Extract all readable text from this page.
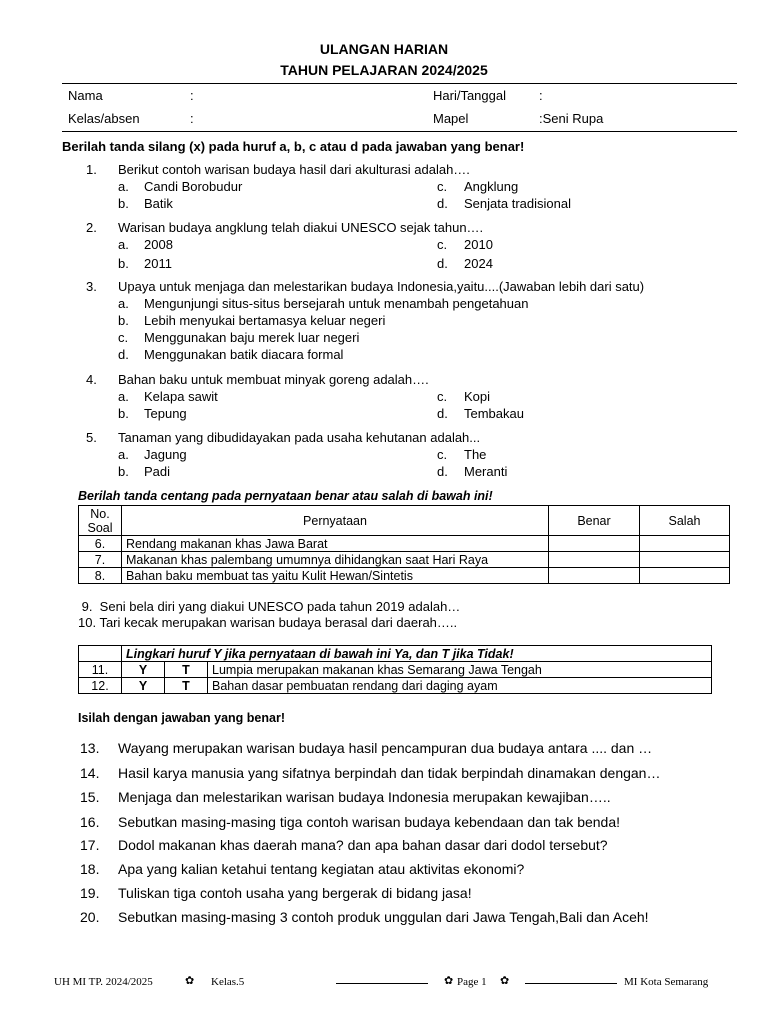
ULANGAN HARIAN
TAHUN PELAJARAN 2024/2025
Nama	:	Hari/Tanggal	:
Kelas/absen	:	Mapel	:Seni Rupa
Berilah tanda silang (x) pada huruf a, b, c atau d pada jawaban yang benar!
1. Berikut contoh warisan budaya hasil dari akulturasi adalah….
a. Candi Borobudur
b. Batik
c. Angklung
d. Senjata tradisional
2. Warisan budaya angklung telah diakui UNESCO sejak tahun….
a. 2008
b. 2011
c. 2010
d. 2024
3. Upaya untuk menjaga dan melestarikan budaya Indonesia,yaitu....(Jawaban lebih dari satu)
a. Mengunjungi situs-situs bersejarah untuk menambah pengetahuan
b. Lebih menyukai bertamasya keluar negeri
c. Menggunakan baju merek luar negeri
d. Menggunakan batik diacara formal
4. Bahan baku untuk membuat minyak goreng adalah….
a. Kelapa sawit
b. Tepung
c. Kopi
d. Tembakau
5. Tanaman yang dibudidayakan pada usaha kehutanan adalah...
a. Jagung
b. Padi
c. The
d. Meranti
Berilah tanda centang pada pernyataan benar atau salah di bawah ini!
No.
Soal	Pernyataan	Benar	Salah
6.	Rendang makanan khas Jawa Barat		
7.	Makanan khas palembang umumnya dihidangkan saat Hari Raya		
8.	Bahan baku membuat tas yaitu Kulit Hewan/Sintetis		
9.  Seni bela diri yang diakui UNESCO pada tahun 2019 adalah…
10. Tari kecak merupakan warisan budaya berasal dari daerah…..
	Lingkari huruf Y jika pernyataan di bawah ini Ya, dan T jika Tidak!		
11.	Y	T	Lumpia merupakan makanan khas Semarang Jawa Tengah
12.	Y	T	Bahan dasar pembuatan rendang dari daging ayam
Isilah dengan jawaban yang benar!
13. Wayang merupakan warisan budaya hasil pencampuran dua budaya antara .... dan …
14. Hasil karya manusia yang sifatnya berpindah dan tidak berpindah dinamakan dengan…
15. Menjaga dan melestarikan warisan budaya Indonesia merupakan kewajiban…..
16. Sebutkan masing-masing tiga contoh warisan budaya kebendaan dan tak benda!
17. Dodol makanan khas daerah mana? dan apa bahan dasar dari dodol tersebut?
18. Apa yang kalian ketahui tentang kegiatan atau aktivitas ekonomi?
19. Tuliskan tiga contoh usaha yang bergerak di bidang jasa!
20. Sebutkan masing-masing 3 contoh produk unggulan dari Jawa Tengah,Bali dan Aceh!
UH MI TP. 2024/2025	✿ Kelas.5	✿ Page 1 ✿	MI Kota Semarang
